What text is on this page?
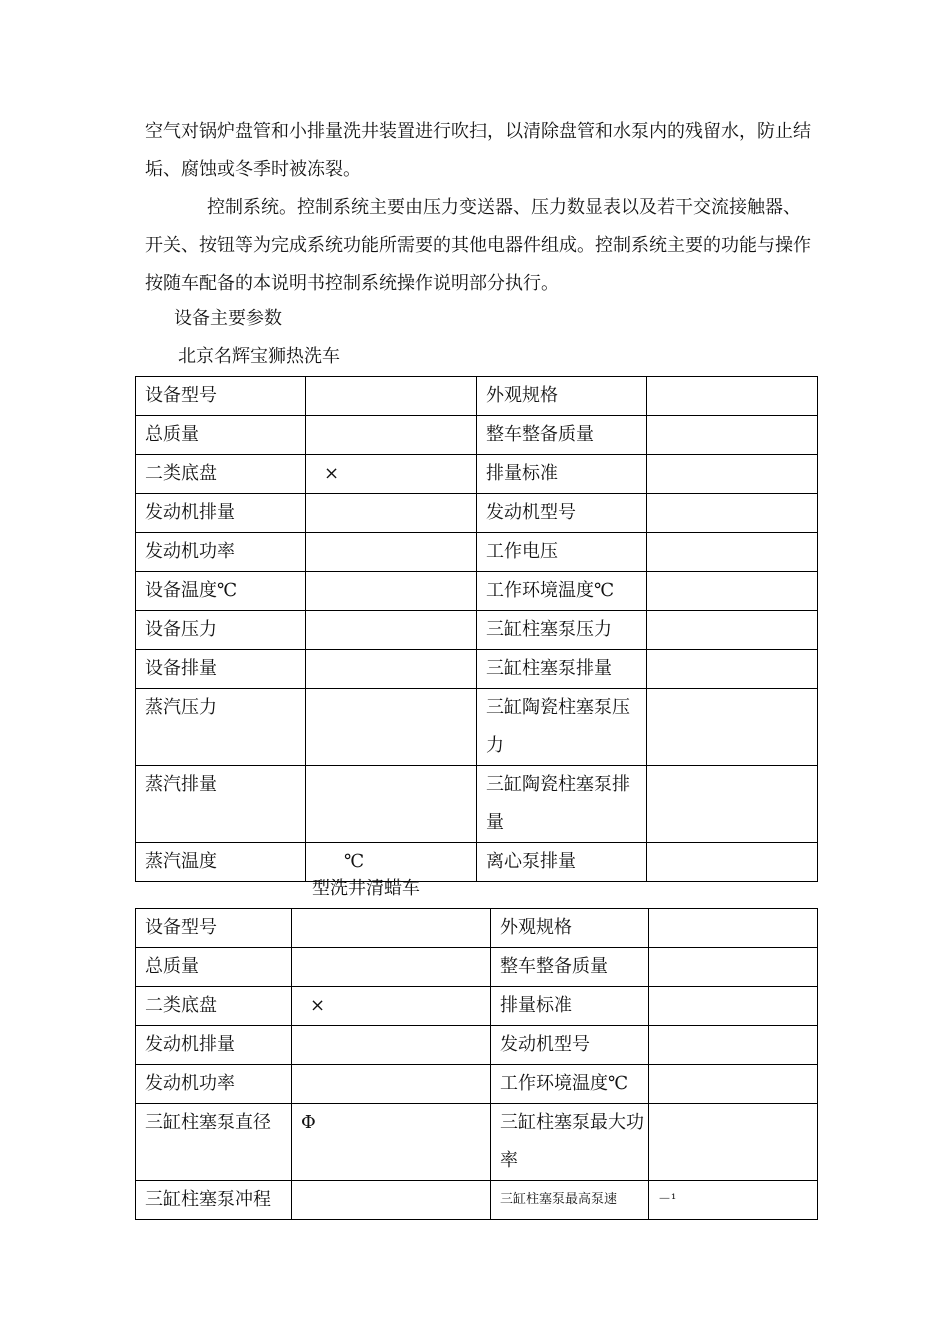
空气对锅炉盘管和小排量洗井装置进行吹扫，以清除盘管和水泵内的残留水，防止结垢、腐蚀或冬季时被冻裂。

控制系统。控制系统主要由压力变送器、压力数显表以及若干交流接触器、开关、按钮等为完成系统功能所需要的其他电器件组成。控制系统主要的功能与操作按随车配备的本说明书控制系统操作说明部分执行。

设备主要参数
北京名辉宝狮热洗车
设备型号		外观规格	
总质量		整车整备质量	
二类底盘	×	排量标准	
发动机排量		发动机型号	
发动机功率		工作电压	
设备温度℃		工作环境温度℃	
设备压力		三缸柱塞泵压力	
设备排量		三缸柱塞泵排量	
蒸汽压力		三缸陶瓷柱塞泵压力	
蒸汽排量		三缸陶瓷柱塞泵排量	
蒸汽温度	℃	离心泵排量	
型洗井清蜡车
设备型号		外观规格	
总质量		整车整备质量	
二类底盘	×	排量标准	
发动机排量		发动机型号	
发动机功率		工作环境温度℃	
三缸柱塞泵直径	Φ	三缸柱塞泵最大功率	
三缸柱塞泵冲程		三缸柱塞泵最高泵速	－¹
